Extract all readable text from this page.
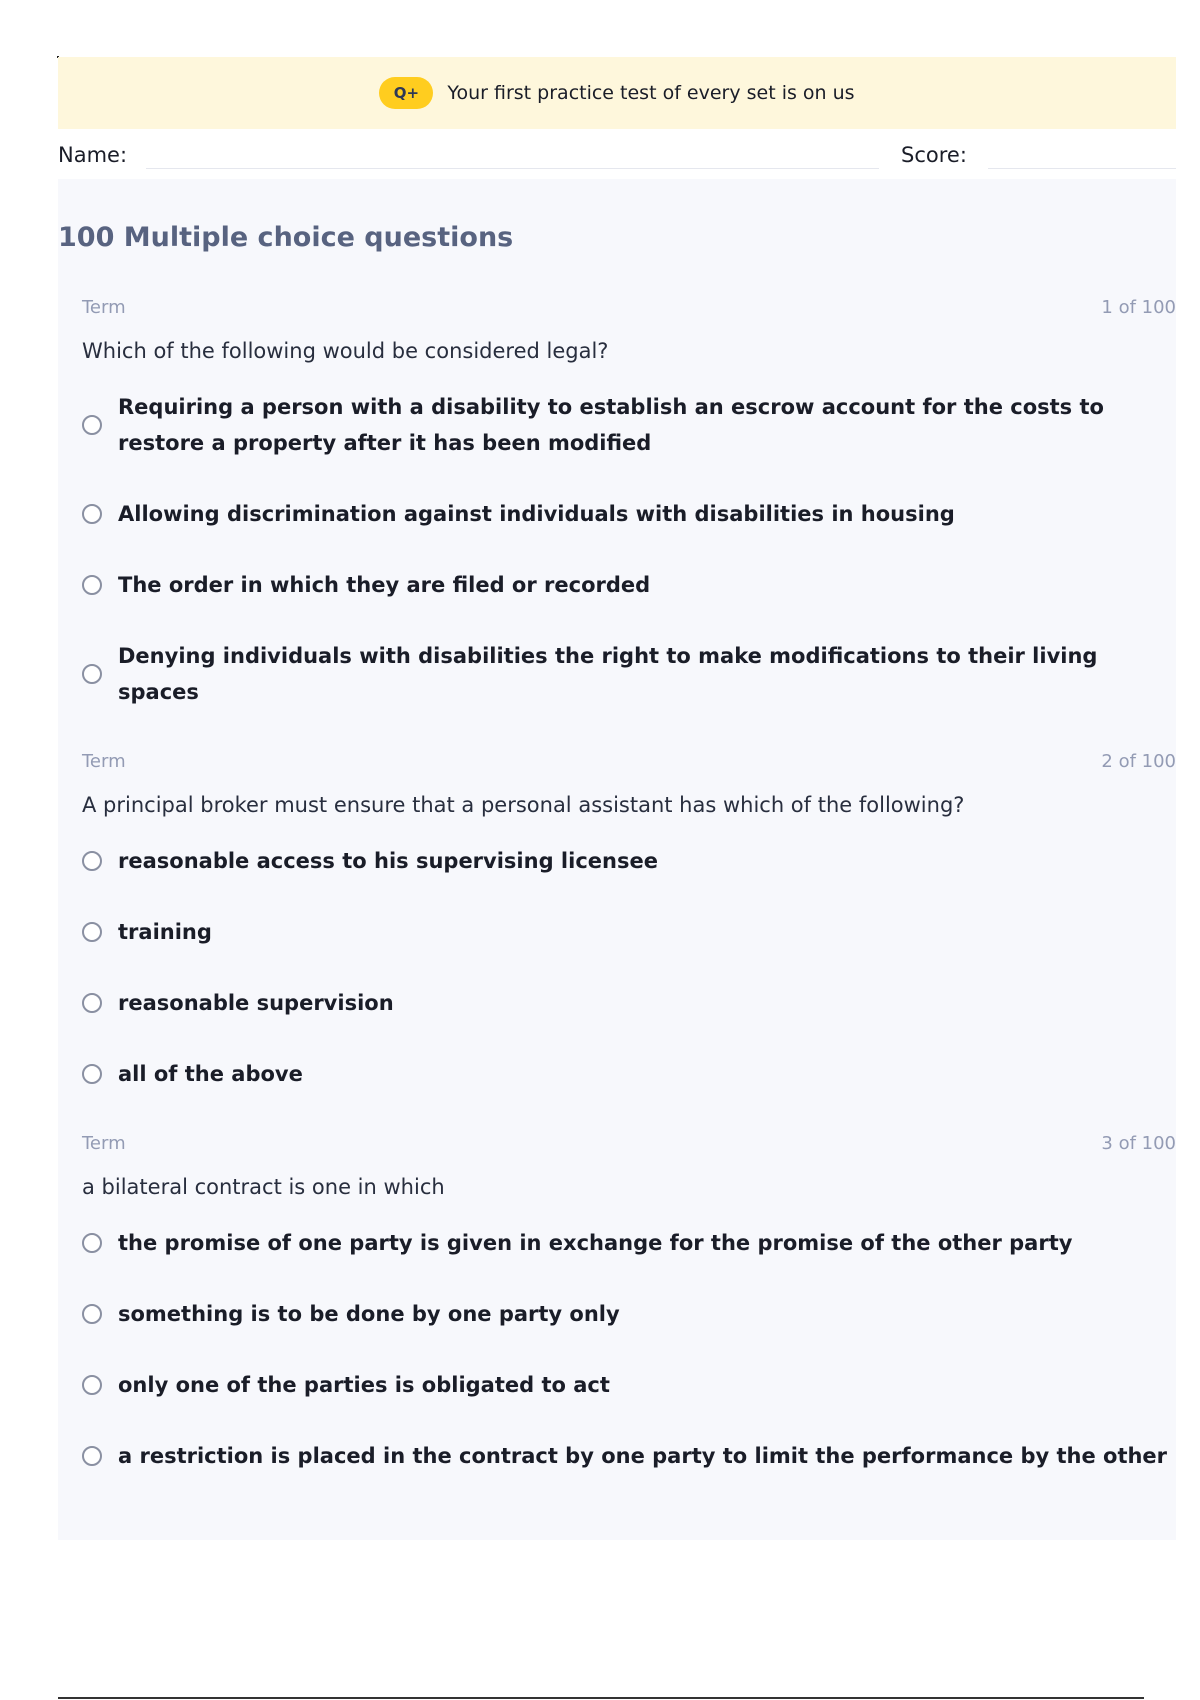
Q+	Your first practice test of every set is on us
Name:	Score:
100 Multiple choice questions
Term	1 of 100
Which of the following would be considered legal?
Requiring a person with a disability to establish an escrow account for the costs to restore a property after it has been modified
Allowing discrimination against individuals with disabilities in housing
The order in which they are filed or recorded
Denying individuals with disabilities the right to make modifications to their living spaces
Term	2 of 100
A principal broker must ensure that a personal assistant has which of the following?
reasonable access to his supervising licensee
training
reasonable supervision
all of the above
Term	3 of 100
a bilateral contract is one in which
the promise of one party is given in exchange for the promise of the other party
something is to be done by one party only
only one of the parties is obligated to act
a restriction is placed in the contract by one party to limit the performance by the other
